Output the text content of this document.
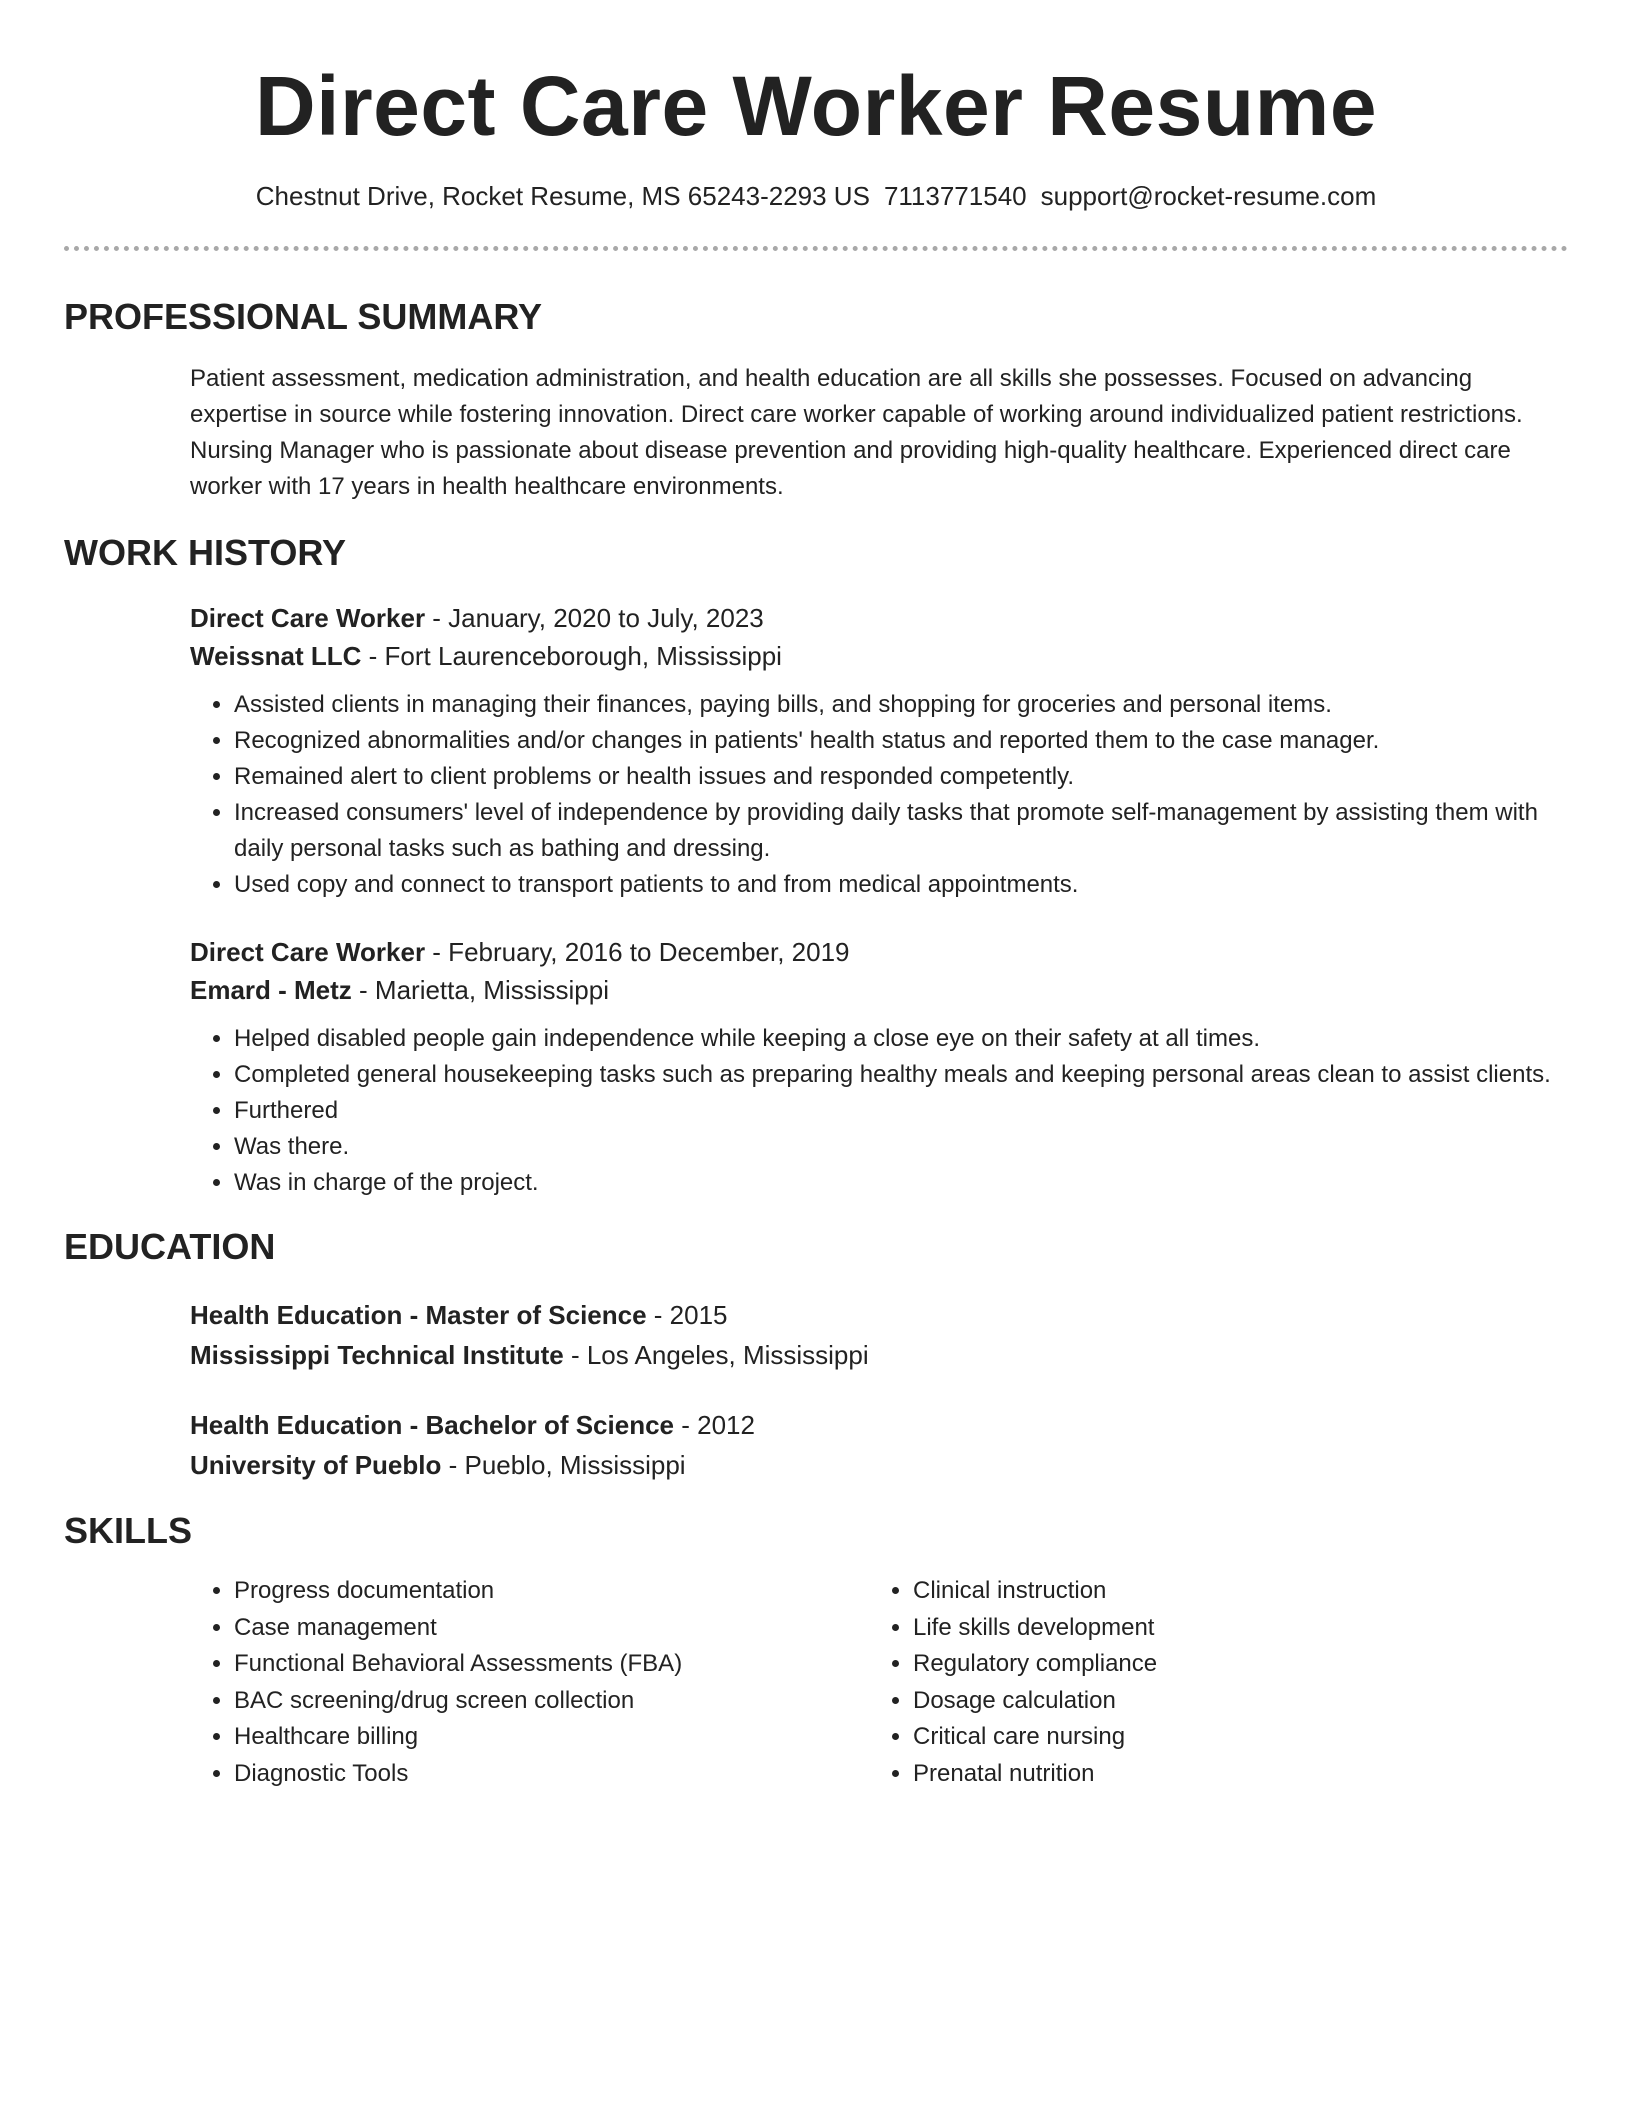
Direct Care Worker Resume
Chestnut Drive, Rocket Resume, MS 65243-2293 US 7113771540 support@rocket-resume.com
PROFESSIONAL SUMMARY

Patient assessment, medication administration, and health education are all skills she possesses. Focused on advancing expertise in source while fostering innovation. Direct care worker capable of working around individualized patient restrictions. Nursing Manager who is passionate about disease prevention and providing high-quality healthcare. Experienced direct care worker with 17 years in health healthcare environments.

WORK HISTORY
Direct Care Worker - January, 2020 to July, 2023
Weissnat LLC - Fort Laurenceborough, Mississippi
• Assisted clients in managing their finances, paying bills, and shopping for groceries and personal items.
• Recognized abnormalities and/or changes in patients' health status and reported them to the case manager.
• Remained alert to client problems or health issues and responded competently.
• Increased consumers' level of independence by providing daily tasks that promote self-management by assisting them with daily personal tasks such as bathing and dressing.
• Used copy and connect to transport patients to and from medical appointments.
Direct Care Worker - February, 2016 to December, 2019
Emard - Metz - Marietta, Mississippi
• Helped disabled people gain independence while keeping a close eye on their safety at all times.
• Completed general housekeeping tasks such as preparing healthy meals and keeping personal areas clean to assist clients.
• Furthered
• Was there.
• Was in charge of the project.
EDUCATION
Health Education - Master of Science - 2015
Mississippi Technical Institute - Los Angeles, Mississippi
Health Education - Bachelor of Science - 2012
University of Pueblo - Pueblo, Mississippi
SKILLS
• Progress documentation
• Case management
• Functional Behavioral Assessments (FBA)
• BAC screening/drug screen collection
• Healthcare billing
• Diagnostic Tools
• Clinical instruction
• Life skills development
• Regulatory compliance
• Dosage calculation
• Critical care nursing
• Prenatal nutrition
